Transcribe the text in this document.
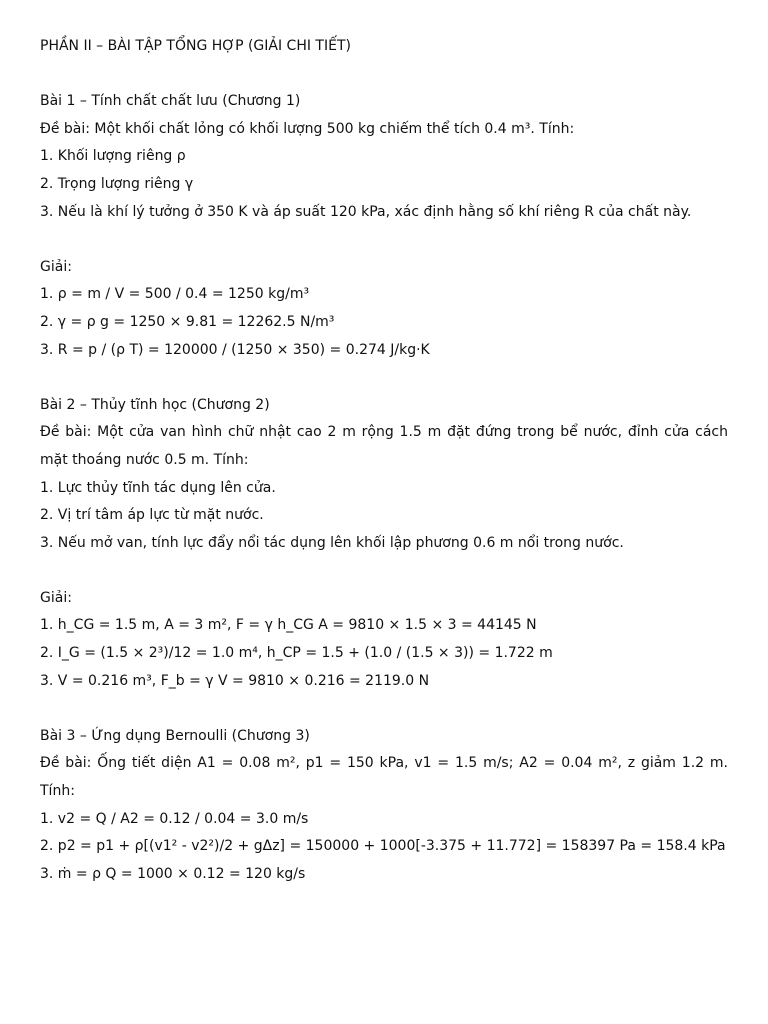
PHẦN II – BÀI TẬP TỔNG HỢP (GIẢI CHI TIẾT)
Bài 1 – Tính chất chất lưu (Chương 1)
Đề bài: Một khối chất lỏng có khối lượng 500 kg chiếm thể tích 0.4 m³. Tính:
1. Khối lượng riêng ρ
2. Trọng lượng riêng γ
3. Nếu là khí lý tưởng ở 350 K và áp suất 120 kPa, xác định hằng số khí riêng R của chất này.
Giải:
1. ρ = m / V = 500 / 0.4 = 1250 kg/m³
2. γ = ρ g = 1250 × 9.81 = 12262.5 N/m³
3. R = p / (ρ T) = 120000 / (1250 × 350) = 0.274 J/kg·K
Bài 2 – Thủy tĩnh học (Chương 2)
Đề bài: Một cửa van hình chữ nhật cao 2 m rộng 1.5 m đặt đứng trong bể nước, đỉnh cửa cách mặt thoáng nước 0.5 m. Tính:
1. Lực thủy tĩnh tác dụng lên cửa.
2. Vị trí tâm áp lực từ mặt nước.
3. Nếu mở van, tính lực đẩy nổi tác dụng lên khối lập phương 0.6 m nổi trong nước.
Giải:
1. h_CG = 1.5 m, A = 3 m², F = γ h_CG A = 9810 × 1.5 × 3 = 44145 N
2. I_G = (1.5 × 2³)/12 = 1.0 m⁴, h_CP = 1.5 + (1.0 / (1.5 × 3)) = 1.722 m
3. V = 0.216 m³, F_b = γ V = 9810 × 0.216 = 2119.0 N
Bài 3 – Ứng dụng Bernoulli (Chương 3)
Đề bài: Ống tiết diện A1 = 0.08 m², p1 = 150 kPa, v1 = 1.5 m/s; A2 = 0.04 m², z giảm 1.2 m. Tính:
1. v2 = Q / A2 = 0.12 / 0.04 = 3.0 m/s
2. p2 = p1 + ρ[(v1² - v2²)/2 + gΔz] = 150000 + 1000[-3.375 + 11.772] = 158397 Pa = 158.4 kPa
3. ṁ = ρ Q = 1000 × 0.12 = 120 kg/s
